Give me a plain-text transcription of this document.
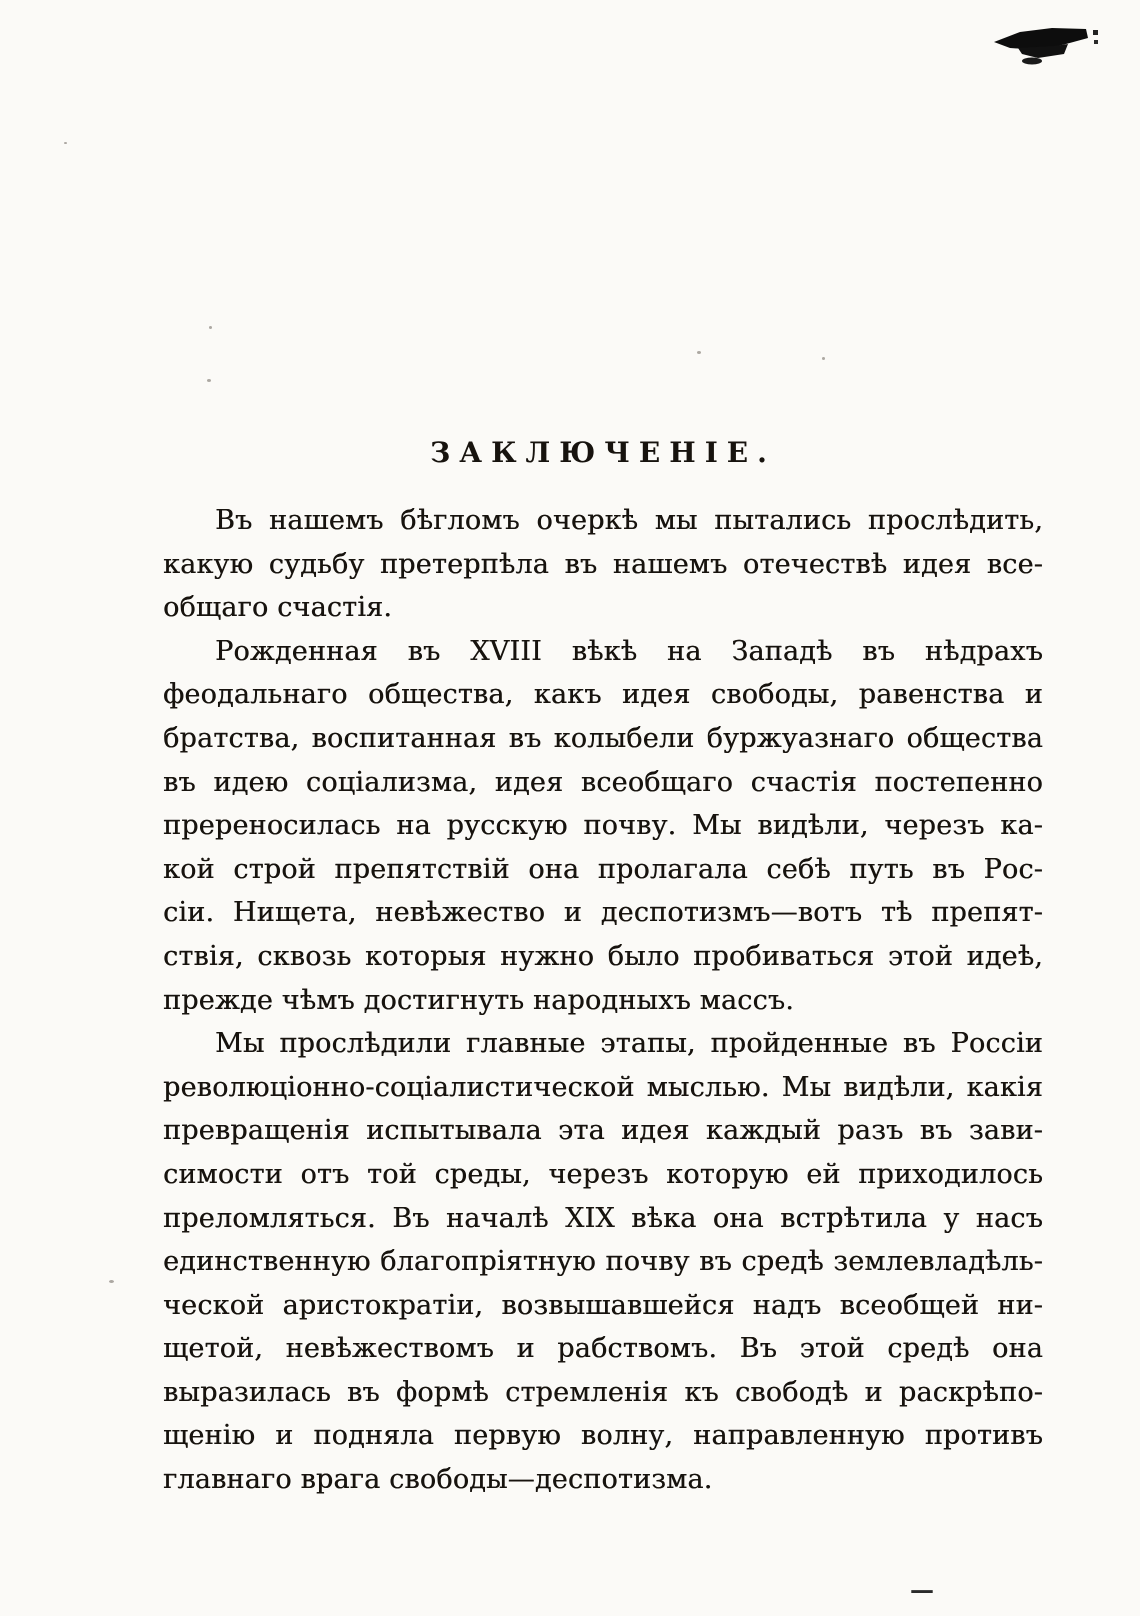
ЗАКЛЮЧЕНІЕ.
Въ нашемъ бѣгломъ очеркѣ мы пытались прослѣдить,
какую судьбу претерпѣла въ нашемъ отечествѣ идея все-
общаго счастія.
Рожденная въ XVIII вѣкѣ на Западѣ въ нѣдрахъ
феодальнаго общества, какъ идея свободы, равенства и
братства, воспитанная въ колыбели буржуазнаго общества
въ идею соціализма, идея всеобщаго счастія постепенно
пререносилась на русскую почву. Мы видѣли, черезъ ка-
кой строй препятствій она пролагала себѣ путь въ Рос-
сіи. Нищета, невѣжество и деспотизмъ—вотъ тѣ препят-
ствія, сквозь которыя нужно было пробиваться этой идеѣ,
прежде чѣмъ достигнуть народныхъ массъ.
Мы прослѣдили главные этапы, пройденные въ Россіи
революціонно-соціалистической мыслью. Мы видѣли, какія
превращенія испытывала эта идея каждый разъ въ зави-
симости отъ той среды, черезъ которую ей приходилось
преломляться. Въ началѣ XIX вѣка она встрѣтила у насъ
единственную благопріятную почву въ средѣ землевладѣль-
ческой аристократіи, возвышавшейся надъ всеобщей ни-
щетой, невѣжествомъ и рабствомъ. Въ этой средѣ она
выразилась въ формѣ стремленія къ свободѣ и раскрѣпо-
щенію и подняла первую волну, направленную противъ
главнаго врага свободы—деспотизма.
—
